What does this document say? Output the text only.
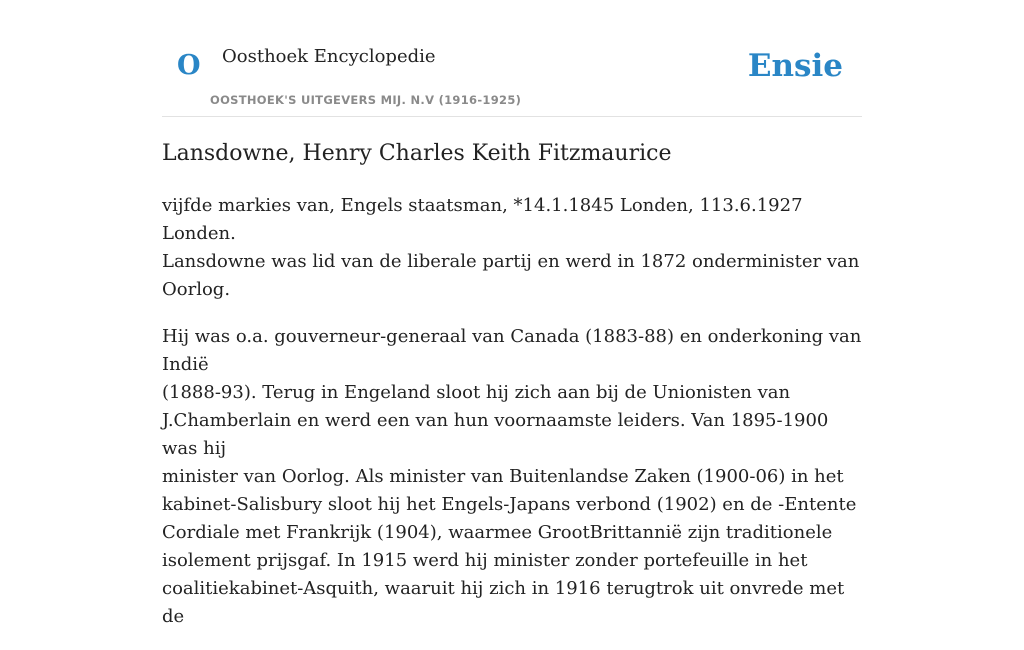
O Oosthoek Encyclopedie
OOSTHOEK'S UITGEVERS MIJ. N.V (1916-1925)
Ensie
Lansdowne, Henry Charles Keith Fitzmaurice

vijfde markies van, Engels staatsman, *14.1.1845 Londen, 113.6.1927 Londen.
Lansdowne was lid van de liberale partij en werd in 1872 onderminister van
Oorlog.

Hij was o.a. gouverneur-generaal van Canada (1883-88) en onderkoning van Indië
(1888-93). Terug in Engeland sloot hij zich aan bij de Unionisten van
J.Chamberlain en werd een van hun voornaamste leiders. Van 1895-1900 was hij
minister van Oorlog. Als minister van Buitenlandse Zaken (1900-06) in het
kabinet-Salisbury sloot hij het Engels-Japans verbond (1902) en de -Entente
Cordiale met Frankrijk (1904), waarmee GrootBrittannië zijn traditionele
isolement prijsgaf. In 1915 werd hij minister zonder portefeuille in het
coalitiekabinet-Asquith, waaruit hij zich in 1916 terugtrok uit onvrede met de
